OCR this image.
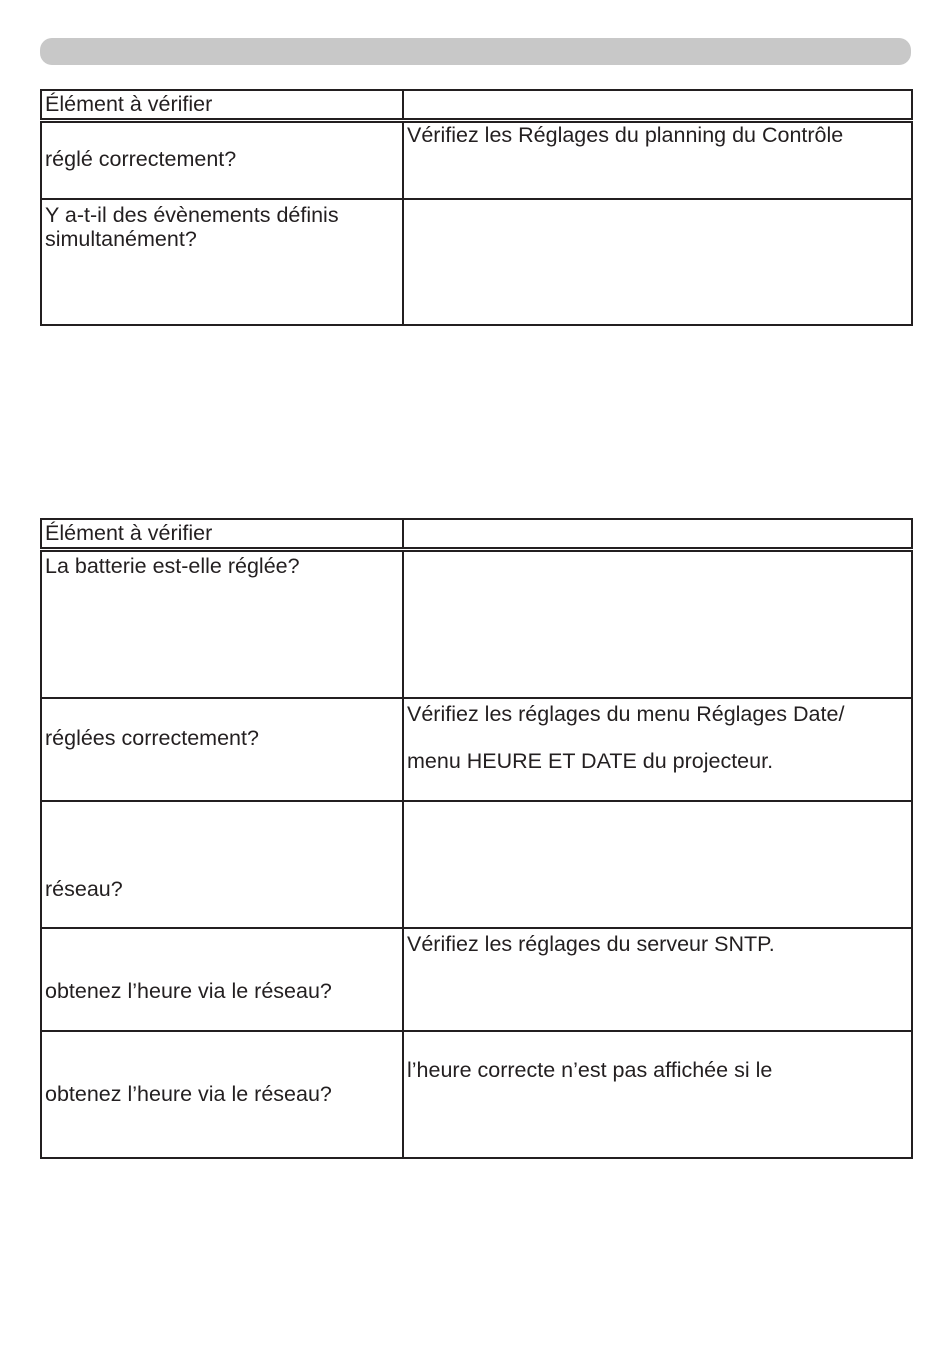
Élément à vérifier	

réglé correctement?	Vérifiez les Réglages du planning du Contrôle

Y a-t-il des évènements définis
simultanément?	

Élément à vérifier	

La batterie est-elle réglée?	

réglées correctement?	Vérifiez les réglages du menu Réglages Date/
menu HEURE ET DATE du projecteur.

réseau?	

obtenez l’heure via le réseau?	Vérifiez les réglages du serveur SNTP.

obtenez l’heure via le réseau?	l’heure correcte n’est pas affichée si le
